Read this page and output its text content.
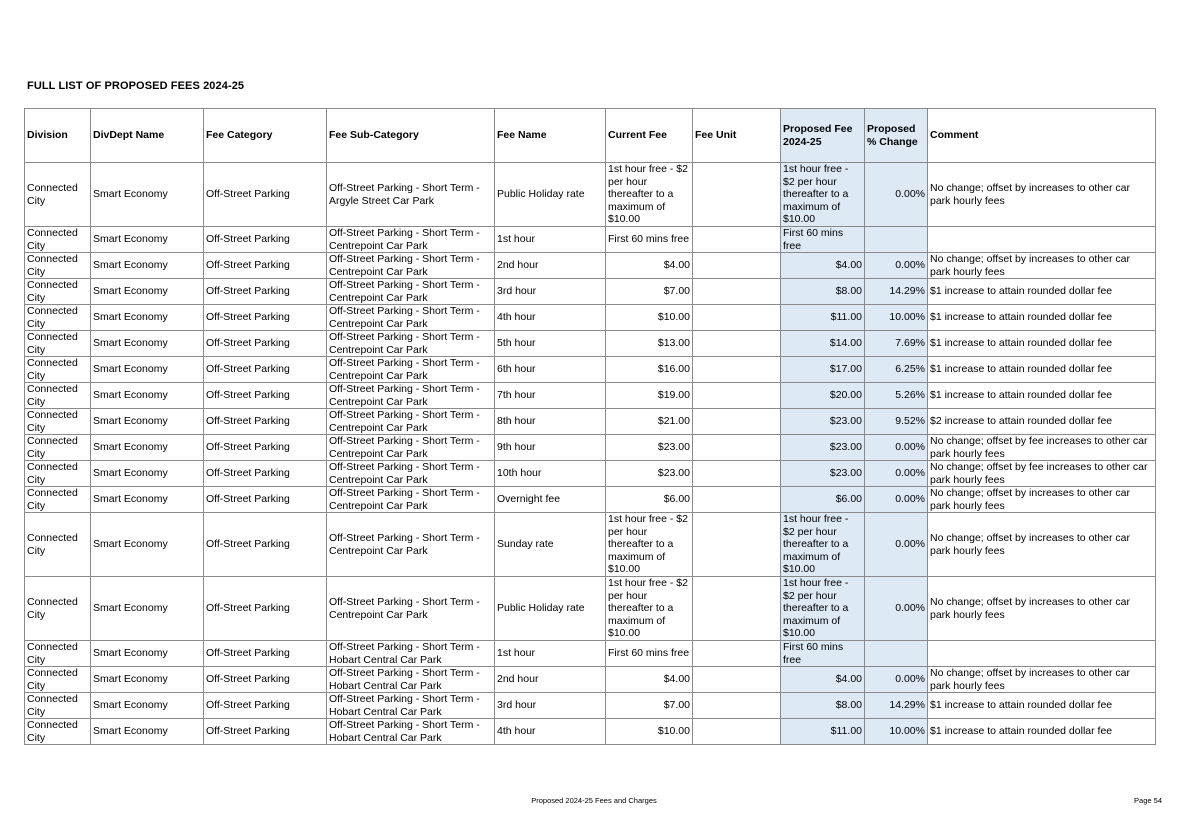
FULL LIST OF PROPOSED FEES 2024-25
Division	DivDept Name	Fee Category	Fee Sub-Category	Fee Name	Current Fee	Fee Unit	Proposed Fee 2024-25	Proposed % Change	Comment
Connected City	Smart Economy	Off-Street Parking	Off-Street Parking - Short Term - Argyle Street Car Park	Public Holiday rate	1st hour free - $2 per hour thereafter to a maximum of $10.00		1st hour free - $2 per hour thereafter to a maximum of $10.00	0.00%	No change; offset by increases to other car park hourly fees
Connected City	Smart Economy	Off-Street Parking	Off-Street Parking - Short Term - Centrepoint Car Park	1st hour	First 60 mins free		First 60 mins free		
Connected City	Smart Economy	Off-Street Parking	Off-Street Parking - Short Term - Centrepoint Car Park	2nd hour	$4.00		$4.00	0.00%	No change; offset by increases to other car park hourly fees
Connected City	Smart Economy	Off-Street Parking	Off-Street Parking - Short Term - Centrepoint Car Park	3rd hour	$7.00		$8.00	14.29%	$1 increase to attain rounded dollar fee
Connected City	Smart Economy	Off-Street Parking	Off-Street Parking - Short Term - Centrepoint Car Park	4th hour	$10.00		$11.00	10.00%	$1 increase to attain rounded dollar fee
Connected City	Smart Economy	Off-Street Parking	Off-Street Parking - Short Term - Centrepoint Car Park	5th hour	$13.00		$14.00	7.69%	$1 increase to attain rounded dollar fee
Connected City	Smart Economy	Off-Street Parking	Off-Street Parking - Short Term - Centrepoint Car Park	6th hour	$16.00		$17.00	6.25%	$1 increase to attain rounded dollar fee
Connected City	Smart Economy	Off-Street Parking	Off-Street Parking - Short Term - Centrepoint Car Park	7th hour	$19.00		$20.00	5.26%	$1 increase to attain rounded dollar fee
Connected City	Smart Economy	Off-Street Parking	Off-Street Parking - Short Term - Centrepoint Car Park	8th hour	$21.00		$23.00	9.52%	$2 increase to attain rounded dollar fee
Connected City	Smart Economy	Off-Street Parking	Off-Street Parking - Short Term - Centrepoint Car Park	9th hour	$23.00		$23.00	0.00%	No change; offset by fee increases to other car park hourly fees
Connected City	Smart Economy	Off-Street Parking	Off-Street Parking - Short Term - Centrepoint Car Park	10th hour	$23.00		$23.00	0.00%	No change; offset by fee increases to other car park hourly fees
Connected City	Smart Economy	Off-Street Parking	Off-Street Parking - Short Term - Centrepoint Car Park	Overnight fee	$6.00		$6.00	0.00%	No change; offset by increases to other car park hourly fees
Connected City	Smart Economy	Off-Street Parking	Off-Street Parking - Short Term - Centrepoint Car Park	Sunday rate	1st hour free - $2 per hour thereafter to a maximum of $10.00		1st hour free - $2 per hour thereafter to a maximum of $10.00	0.00%	No change; offset by increases to other car park hourly fees
Connected City	Smart Economy	Off-Street Parking	Off-Street Parking - Short Term - Centrepoint Car Park	Public Holiday rate	1st hour free - $2 per hour thereafter to a maximum of $10.00		1st hour free - $2 per hour thereafter to a maximum of $10.00	0.00%	No change; offset by increases to other car park hourly fees
Connected City	Smart Economy	Off-Street Parking	Off-Street Parking - Short Term - Hobart Central Car Park	1st hour	First 60 mins free		First 60 mins free		
Connected City	Smart Economy	Off-Street Parking	Off-Street Parking - Short Term - Hobart Central Car Park	2nd hour	$4.00		$4.00	0.00%	No change; offset by increases to other car park hourly fees
Connected City	Smart Economy	Off-Street Parking	Off-Street Parking - Short Term - Hobart Central Car Park	3rd hour	$7.00		$8.00	14.29%	$1 increase to attain rounded dollar fee
Connected City	Smart Economy	Off-Street Parking	Off-Street Parking - Short Term - Hobart Central Car Park	4th hour	$10.00		$11.00	10.00%	$1 increase to attain rounded dollar fee
Proposed 2024-25 Fees and Charges	Page 54
